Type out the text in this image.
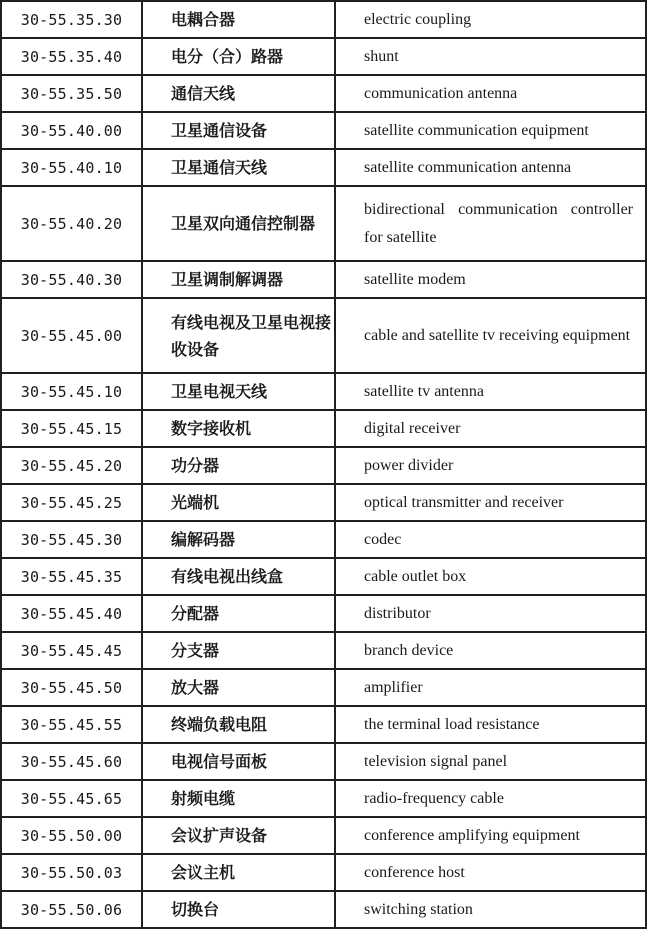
30-55.35.30	电耦合器	electric coupling
30-55.35.40	电分（合）路器	shunt
30-55.35.50	通信天线	communication antenna
30-55.40.00	卫星通信设备	satellite communication equipment
30-55.40.10	卫星通信天线	satellite communication antenna
30-55.40.20	卫星双向通信控制器	bidirectional communication controller for satellite
30-55.40.30	卫星调制解调器	satellite modem
30-55.45.00	有线电视及卫星电视接收设备	cable and satellite tv receiving equipment
30-55.45.10	卫星电视天线	satellite tv antenna
30-55.45.15	数字接收机	digital receiver
30-55.45.20	功分器	power divider
30-55.45.25	光端机	optical transmitter and receiver
30-55.45.30	编解码器	codec
30-55.45.35	有线电视出线盒	cable outlet box
30-55.45.40	分配器	distributor
30-55.45.45	分支器	branch device
30-55.45.50	放大器	amplifier
30-55.45.55	终端负载电阻	the terminal load resistance
30-55.45.60	电视信号面板	television signal panel
30-55.45.65	射频电缆	radio-frequency cable
30-55.50.00	会议扩声设备	conference amplifying equipment
30-55.50.03	会议主机	conference host
30-55.50.06	切换台	switching station
